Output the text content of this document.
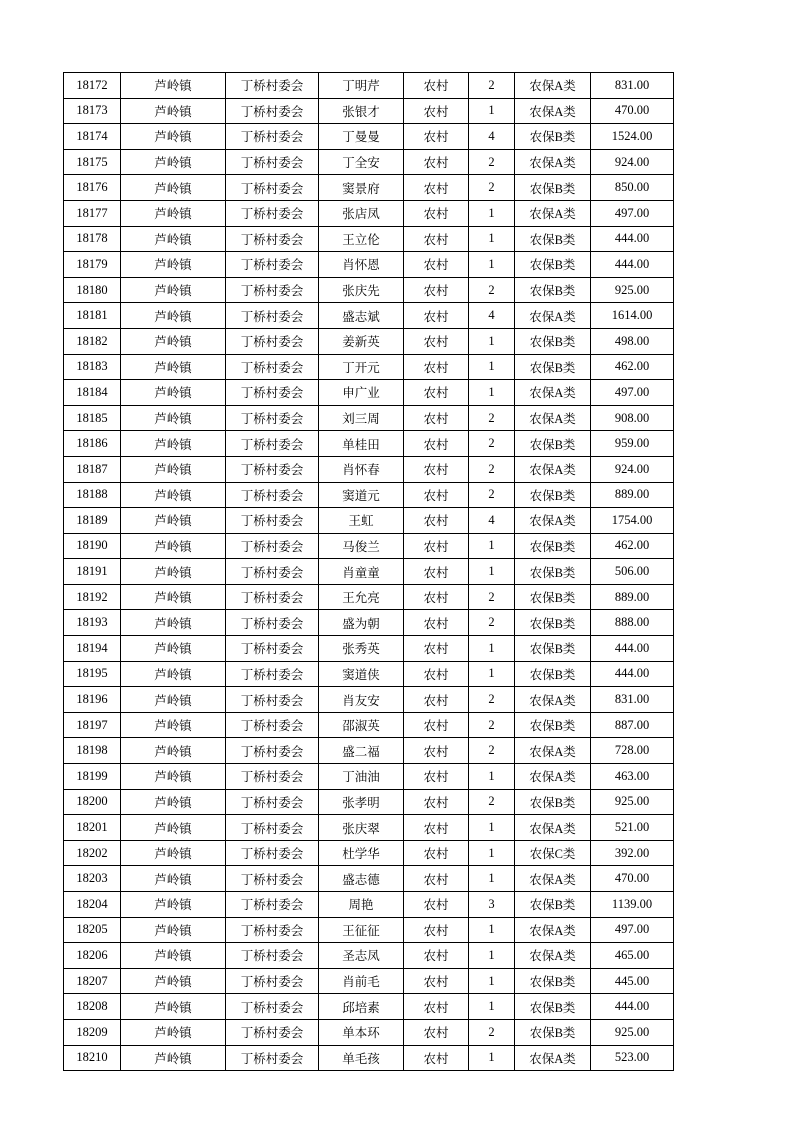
18172	芦岭镇	丁桥村委会	丁明芹	农村	2	农保A类	831.00
18173	芦岭镇	丁桥村委会	张银才	农村	1	农保A类	470.00
18174	芦岭镇	丁桥村委会	丁曼曼	农村	4	农保B类	1524.00
18175	芦岭镇	丁桥村委会	丁全安	农村	2	农保A类	924.00
18176	芦岭镇	丁桥村委会	窦景府	农村	2	农保B类	850.00
18177	芦岭镇	丁桥村委会	张店凤	农村	1	农保A类	497.00
18178	芦岭镇	丁桥村委会	王立伦	农村	1	农保B类	444.00
18179	芦岭镇	丁桥村委会	肖怀恩	农村	1	农保B类	444.00
18180	芦岭镇	丁桥村委会	张庆先	农村	2	农保B类	925.00
18181	芦岭镇	丁桥村委会	盛志斌	农村	4	农保A类	1614.00
18182	芦岭镇	丁桥村委会	姜新英	农村	1	农保B类	498.00
18183	芦岭镇	丁桥村委会	丁开元	农村	1	农保B类	462.00
18184	芦岭镇	丁桥村委会	申广业	农村	1	农保A类	497.00
18185	芦岭镇	丁桥村委会	刘三周	农村	2	农保A类	908.00
18186	芦岭镇	丁桥村委会	单桂田	农村	2	农保B类	959.00
18187	芦岭镇	丁桥村委会	肖怀春	农村	2	农保A类	924.00
18188	芦岭镇	丁桥村委会	窦道元	农村	2	农保B类	889.00
18189	芦岭镇	丁桥村委会	王虹	农村	4	农保A类	1754.00
18190	芦岭镇	丁桥村委会	马俊兰	农村	1	农保B类	462.00
18191	芦岭镇	丁桥村委会	肖童童	农村	1	农保B类	506.00
18192	芦岭镇	丁桥村委会	王允亮	农村	2	农保B类	889.00
18193	芦岭镇	丁桥村委会	盛为朝	农村	2	农保B类	888.00
18194	芦岭镇	丁桥村委会	张秀英	农村	1	农保B类	444.00
18195	芦岭镇	丁桥村委会	窦道侠	农村	1	农保B类	444.00
18196	芦岭镇	丁桥村委会	肖友安	农村	2	农保A类	831.00
18197	芦岭镇	丁桥村委会	邵淑英	农村	2	农保B类	887.00
18198	芦岭镇	丁桥村委会	盛二福	农村	2	农保A类	728.00
18199	芦岭镇	丁桥村委会	丁油油	农村	1	农保A类	463.00
18200	芦岭镇	丁桥村委会	张孝明	农村	2	农保B类	925.00
18201	芦岭镇	丁桥村委会	张庆翠	农村	1	农保A类	521.00
18202	芦岭镇	丁桥村委会	杜学华	农村	1	农保C类	392.00
18203	芦岭镇	丁桥村委会	盛志德	农村	1	农保A类	470.00
18204	芦岭镇	丁桥村委会	周艳	农村	3	农保B类	1139.00
18205	芦岭镇	丁桥村委会	王征征	农村	1	农保A类	497.00
18206	芦岭镇	丁桥村委会	圣志凤	农村	1	农保A类	465.00
18207	芦岭镇	丁桥村委会	肖前毛	农村	1	农保B类	445.00
18208	芦岭镇	丁桥村委会	邱培素	农村	1	农保B类	444.00
18209	芦岭镇	丁桥村委会	单本环	农村	2	农保B类	925.00
18210	芦岭镇	丁桥村委会	单毛孩	农村	1	农保A类	523.00
